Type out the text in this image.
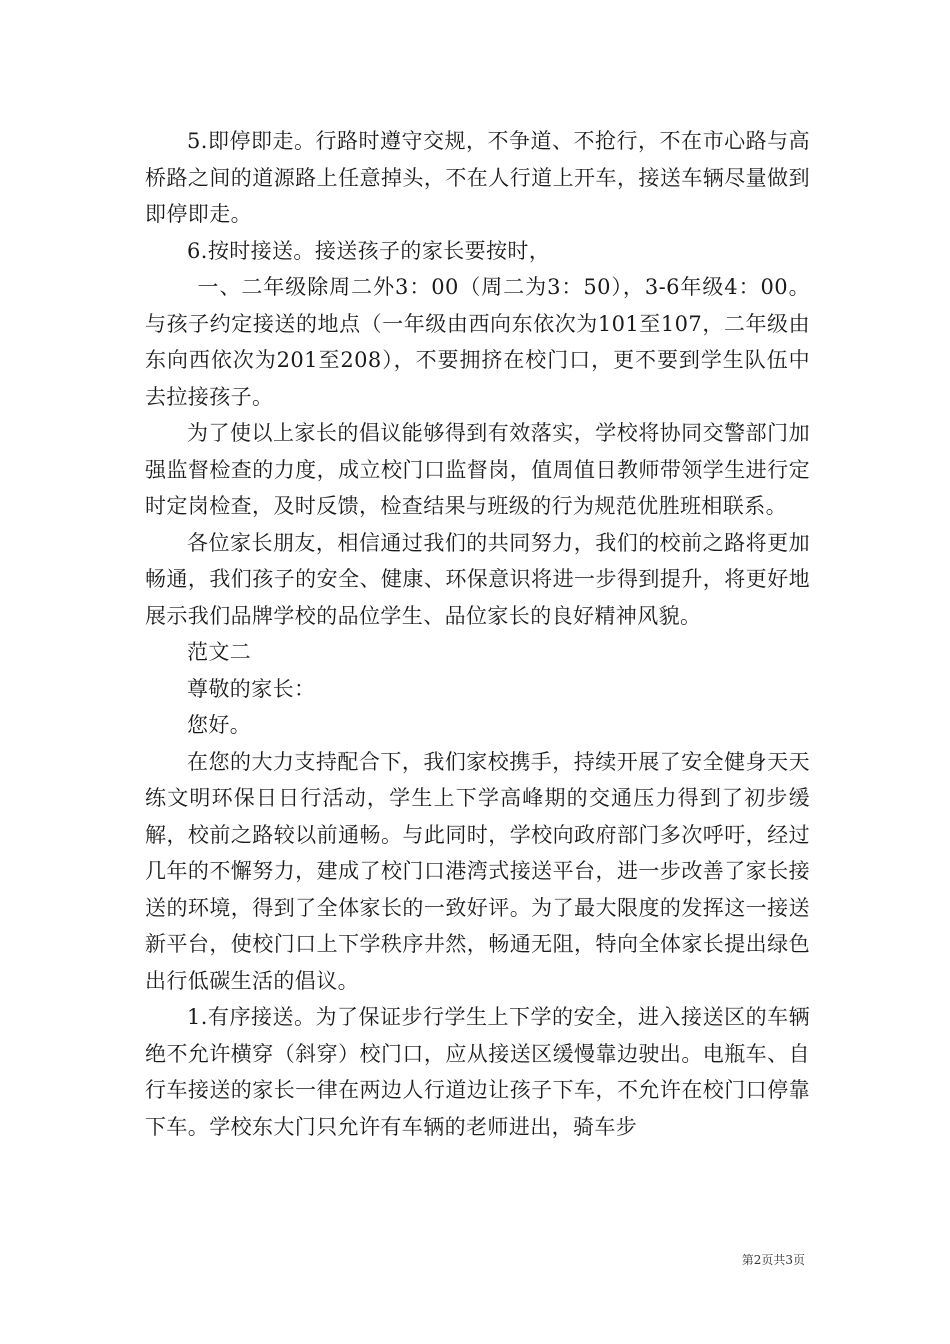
5.即停即走。行路时遵守交规，不争道、不抢行，不在市心路与高桥路之间的道源路上任意掉头，不在人行道上开车，接送车辆尽量做到即停即走。

6.按时接送。接送孩子的家长要按时，

一、二年级除周二外3：00（周二为3：50），3-6年级4：00。与孩子约定接送的地点（一年级由西向东依次为101至107，二年级由东向西依次为201至208），不要拥挤在校门口，更不要到学生队伍中去拉接孩子。

为了使以上家长的倡议能够得到有效落实，学校将协同交警部门加强监督检查的力度，成立校门口监督岗，值周值日教师带领学生进行定时定岗检查，及时反馈，检查结果与班级的行为规范优胜班相联系。

各位家长朋友，相信通过我们的共同努力，我们的校前之路将更加畅通，我们孩子的安全、健康、环保意识将进一步得到提升，将更好地展示我们品牌学校的品位学生、品位家长的良好精神风貌。

范文二

尊敬的家长：

您好。

在您的大力支持配合下，我们家校携手，持续开展了安全健身天天练文明环保日日行活动，学生上下学高峰期的交通压力得到了初步缓解，校前之路较以前通畅。与此同时，学校向政府部门多次呼吁，经过几年的不懈努力，建成了校门口港湾式接送平台，进一步改善了家长接送的环境，得到了全体家长的一致好评。为了最大限度的发挥这一接送新平台，使校门口上下学秩序井然，畅通无阻，特向全体家长提出绿色出行低碳生活的倡议。

1.有序接送。为了保证步行学生上下学的安全，进入接送区的车辆绝不允许横穿（斜穿）校门口，应从接送区缓慢靠边驶出。电瓶车、自行车接送的家长一律在两边人行道边让孩子下车，不允许在校门口停靠下车。学校东大门只允许有车辆的老师进出，骑车步

第2页共3页
